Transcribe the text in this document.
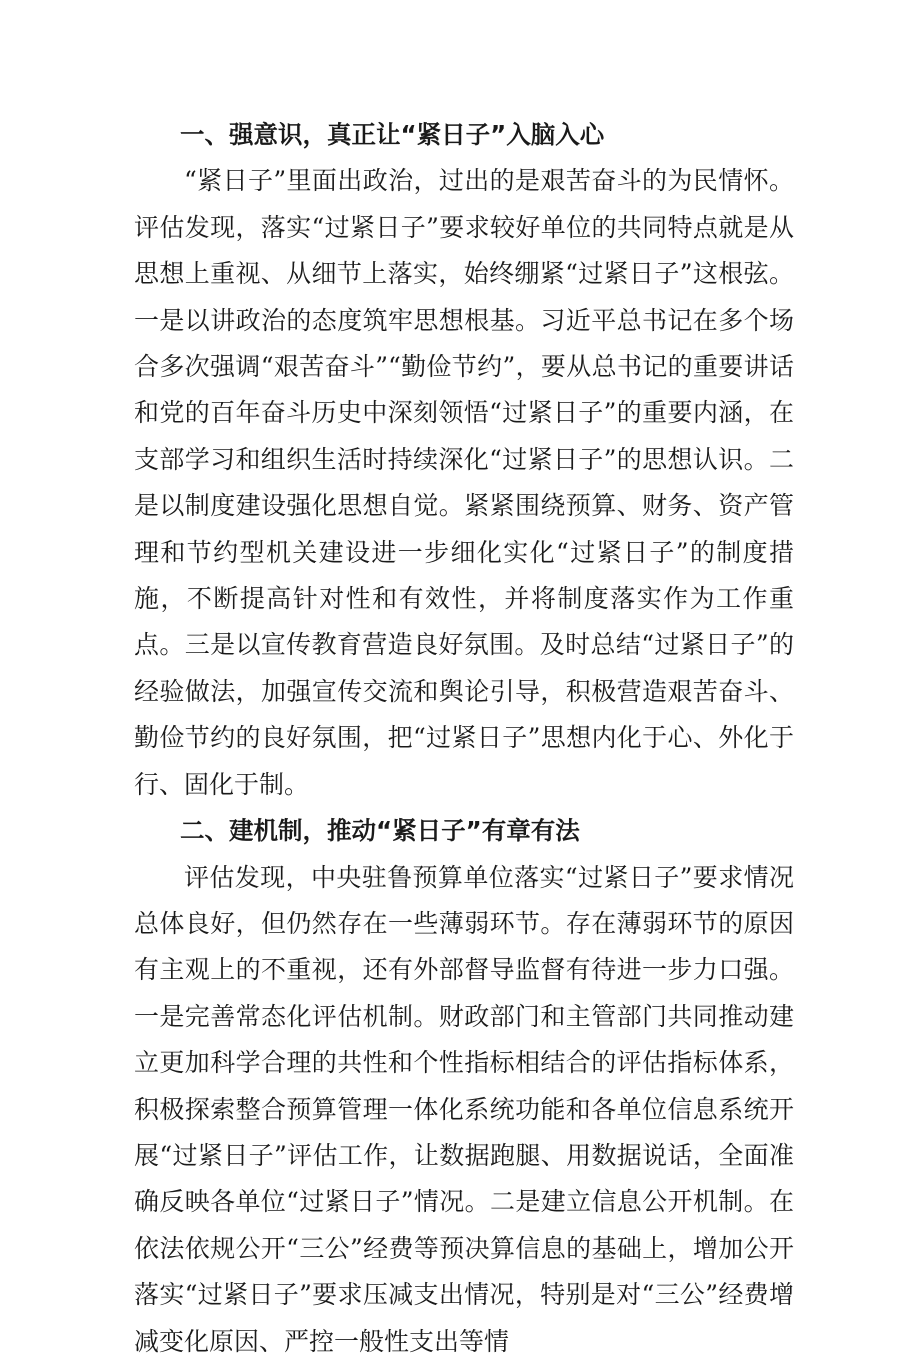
一、强意识，真正让“紧日子”入脑入心

“紧日子”里面出政治，过出的是艰苦奋斗的为民情怀。评估发现，落实“过紧日子”要求较好单位的共同特点就是从思想上重视、从细节上落实，始终绷紧“过紧日子”这根弦。一是以讲政治的态度筑牢思想根基。习近平总书记在多个场合多次强调“艰苦奋斗”“勤俭节约”，要从总书记的重要讲话和党的百年奋斗历史中深刻领悟“过紧日子”的重要内涵，在支部学习和组织生活时持续深化“过紧日子”的思想认识。二是以制度建设强化思想自觉。紧紧围绕预算、财务、资产管理和节约型机关建设进一步细化实化“过紧日子”的制度措施，不断提高针对性和有效性，并将制度落实作为工作重点。三是以宣传教育营造良好氛围。及时总结“过紧日子”的经验做法，加强宣传交流和舆论引导，积极营造艰苦奋斗、勤俭节约的良好氛围，把“过紧日子”思想内化于心、外化于行、固化于制。

二、建机制，推动“紧日子”有章有法

评估发现，中央驻鲁预算单位落实“过紧日子”要求情况总体良好，但仍然存在一些薄弱环节。存在薄弱环节的原因有主观上的不重视，还有外部督导监督有待进一步力口强。一是完善常态化评估机制。财政部门和主管部门共同推动建立更加科学合理的共性和个性指标相结合的评估指标体系，积极探索整合预算管理一体化系统功能和各单位信息系统开展“过紧日子”评估工作，让数据跑腿、用数据说话，全面准确反映各单位“过紧日子”情况。二是建立信息公开机制。在依法依规公开“三公”经费等预决算信息的基础上，增加公开落实“过紧日子”要求压减支出情况，特别是对“三公”经费增减变化原因、严控一般性支出等情
